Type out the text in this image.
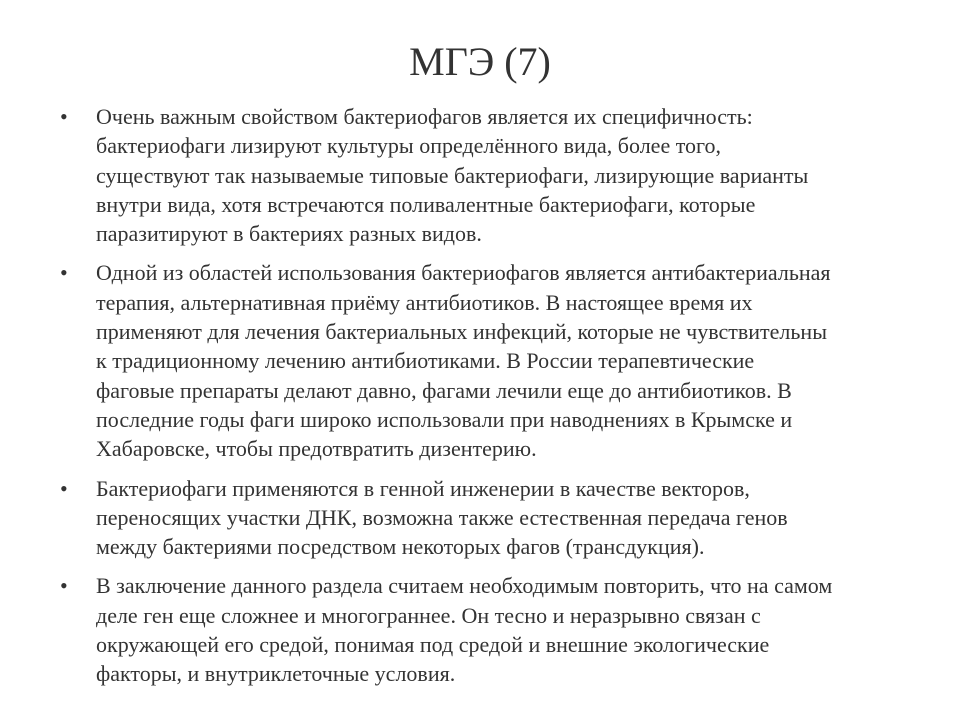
МГЭ (7)
•	Очень важным свойством бактериофагов является их специфичность:
бактериофаги лизируют культуры определённого вида, более того,
существуют так называемые типовые бактериофаги, лизирующие варианты
внутри вида, хотя встречаются поливалентные бактериофаги, которые
паразитируют в бактериях разных видов.
•	Одной из областей использования бактериофагов является антибактериальная
терапия, альтернативная приёму антибиотиков. В настоящее время их
применяют для лечения бактериальных инфекций, которые не чувствительны
к традиционному лечению антибиотиками. В России терапевтические
фаговые препараты делают давно, фагами лечили еще до антибиотиков. В
последние годы фаги широко использовали при наводнениях в Крымске и
Хабаровске, чтобы предотвратить дизентерию.
•	Бактериофаги применяются в генной инженерии в качестве векторов,
переносящих участки ДНК, возможна также естественная передача генов
между бактериями посредством некоторых фагов (трансдукция).
•	В заключение данного раздела считаем необходимым повторить, что на самом
деле ген еще сложнее и многограннее. Он тесно и неразрывно связан с
окружающей его средой, понимая под средой и внешние экологические
факторы, и внутриклеточные условия.
